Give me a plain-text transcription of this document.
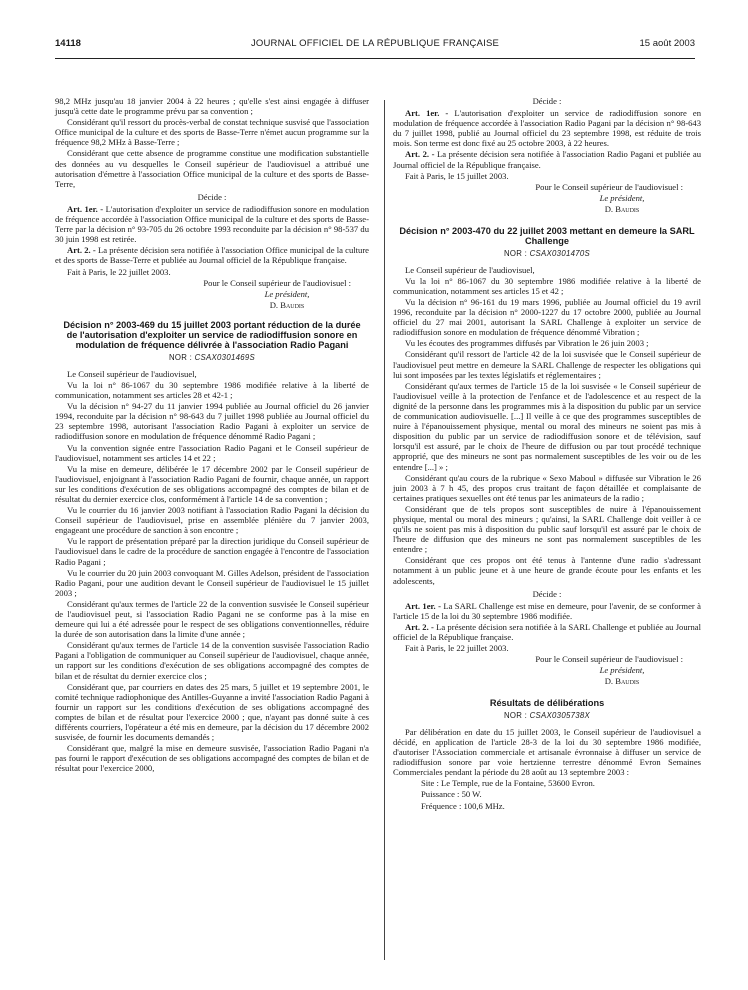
14118	JOURNAL OFFICIEL DE LA RÉPUBLIQUE FRANÇAISE	15 août 2003

98,2 MHz jusqu'au 18 janvier 2004 à 22 heures ; qu'elle s'est ainsi engagée à diffuser jusqu'à cette date le programme prévu par sa convention ;

Considérant qu'il ressort du procès-verbal de constat technique susvisé que l'association Office municipal de la culture et des sports de Basse-Terre n'émet aucun programme sur la fréquence 98,2 MHz à Basse-Terre ;

Considérant que cette absence de programme constitue une modification substantielle des données au vu desquelles le Conseil supérieur de l'audiovisuel a attribué une autorisation d'émettre à l'association Office municipal de la culture et des sports de Basse-Terre,

Décide :

Art. 1er. - L'autorisation d'exploiter un service de radiodiffusion sonore en modulation de fréquence accordée à l'association Office municipal de la culture et des sports de Basse-Terre par la décision n° 93-705 du 26 octobre 1993 reconduite par la décision n° 98-537 du 30 juin 1998 est retirée.

Art. 2. - La présente décision sera notifiée à l'association Office municipal de la culture et des sports de Basse-Terre et publiée au Journal officiel de la République française.

Fait à Paris, le 22 juillet 2003.

Pour le Conseil supérieur de l'audiovisuel :

Le président,

D. Baudis

Décision n° 2003-469 du 15 juillet 2003 portant réduction de la durée de l'autorisation d'exploiter un service de radiodiffusion sonore en modulation de fréquence délivrée à l'association Radio Pagani
NOR : CSAX0301469S

Le Conseil supérieur de l'audiovisuel,

Vu la loi n° 86-1067 du 30 septembre 1986 modifiée relative à la liberté de communication, notamment ses articles 28 et 42-1 ;

Vu la décision n° 94-27 du 11 janvier 1994 publiée au Journal officiel du 26 janvier 1994, reconduite par la décision n° 98-643 du 7 juillet 1998 publiée au Journal officiel du 23 septembre 1998, autorisant l'association Radio Pagani à exploiter un service de radiodiffusion sonore en modulation de fréquence dénommé Radio Pagani ;

Vu la convention signée entre l'association Radio Pagani et le Conseil supérieur de l'audiovisuel, notamment ses articles 14 et 22 ;

Vu la mise en demeure, délibérée le 17 décembre 2002 par le Conseil supérieur de l'audiovisuel, enjoignant à l'association Radio Pagani de fournir, chaque année, un rapport sur les conditions d'exécution de ses obligations accompagné des comptes de bilan et de résultat du dernier exercice clos, conformément à l'article 14 de sa convention ;

Vu le courrier du 16 janvier 2003 notifiant à l'association Radio Pagani la décision du Conseil supérieur de l'audiovisuel, prise en assemblée plénière du 7 janvier 2003, engageant une procédure de sanction à son encontre ;

Vu le rapport de présentation préparé par la direction juridique du Conseil supérieur de l'audiovisuel dans le cadre de la procédure de sanction engagée à l'encontre de l'association Radio Pagani ;

Vu le courrier du 20 juin 2003 convoquant M. Gilles Adelson, président de l'association Radio Pagani, pour une audition devant le Conseil supérieur de l'audiovisuel le 15 juillet 2003 ;

Considérant qu'aux termes de l'article 22 de la convention susvisée le Conseil supérieur de l'audiovisuel peut, si l'association Radio Pagani ne se conforme pas à la mise en demeure qui lui a été adressée pour le respect de ses obligations conventionnelles, réduire la durée de son autorisation dans la limite d'une année ;

Considérant qu'aux termes de l'article 14 de la convention susvisée l'association Radio Pagani a l'obligation de communiquer au Conseil supérieur de l'audiovisuel, chaque année, un rapport sur les conditions d'exécution de ses obligations accompagné des comptes de bilan et de résultat du dernier exercice clos ;

Considérant que, par courriers en dates des 25 mars, 5 juillet et 19 septembre 2001, le comité technique radiophonique des Antilles-Guyanne a invité l'association Radio Pagani à fournir un rapport sur les conditions d'exécution de ses obligations accompagné des comptes de bilan et de résultat pour l'exercice 2000 ; que, n'ayant pas donné suite à ces différents courriers, l'opérateur a été mis en demeure, par la décision du 17 décembre 2002 susvisée, de fournir les documents demandés ;

Considérant que, malgré la mise en demeure susvisée, l'association Radio Pagani n'a pas fourni le rapport d'exécution de ses obligations accompagné des comptes de bilan et de résultat pour l'exercice 2000,

Décide :

Art. 1er. - L'autorisation d'exploiter un service de radiodiffusion sonore en modulation de fréquence accordée à l'association Radio Pagani par la décision n° 98-643 du 7 juillet 1998, publié au Journal officiel du 23 septembre 1998, est réduite de trois mois. Son terme est donc fixé au 25 octobre 2003, à 22 heures.

Art. 2. - La présente décision sera notifiée à l'association Radio Pagani et publiée au Journal officiel de la République française.

Fait à Paris, le 15 juillet 2003.

Pour le Conseil supérieur de l'audiovisuel :

Le président,

D. Baudis

Décision n° 2003-470 du 22 juillet 2003 mettant en demeure la SARL Challenge
NOR : CSAX0301470S

Le Conseil supérieur de l'audiovisuel,

Vu la loi n° 86-1067 du 30 septembre 1986 modifiée relative à la liberté de communication, notamment ses articles 15 et 42 ;

Vu la décision n° 96-161 du 19 mars 1996, publiée au Journal officiel du 19 avril 1996, reconduite par la décision n° 2000-1227 du 17 octobre 2000, publiée au Journal officiel du 27 mai 2001, autorisant la SARL Challenge à exploiter un service de radiodiffusion sonore en modulation de fréquence dénommé Vibration ;

Vu les écoutes des programmes diffusés par Vibration le 26 juin 2003 ;

Considérant qu'il ressort de l'article 42 de la loi susvisée que le Conseil supérieur de l'audiovisuel peut mettre en demeure la SARL Challenge de respecter les obligations qui lui sont imposées par les textes législatifs et réglementaires ;

Considérant qu'aux termes de l'article 15 de la loi susvisée « le Conseil supérieur de l'audiovisuel veille à la protection de l'enfance et de l'adolescence et au respect de la dignité de la personne dans les programmes mis à la disposition du public par un service de communication audiovisuelle. [...] Il veille à ce que des programmes susceptibles de nuire à l'épanouissement physique, mental ou moral des mineurs ne soient pas mis à disposition du public par un service de radiodiffusion sonore et de télévision, sauf lorsqu'il est assuré, par le choix de l'heure de diffusion ou par tout procédé technique approprié, que des mineurs ne sont pas normalement susceptibles de les voir ou de les entendre [...] » ;

Considérant qu'au cours de la rubrique « Sexo Maboul » diffusée sur Vibration le 26 juin 2003 à 7 h 45, des propos crus traitant de façon détaillée et complaisante de certaines pratiques sexuelles ont été tenus par les animateurs de la radio ;

Considérant que de tels propos sont susceptibles de nuire à l'épanouissement physique, mental ou moral des mineurs ; qu'ainsi, la SARL Challenge doit veiller à ce qu'ils ne soient pas mis à disposition du public sauf lorsqu'il est assuré par le choix de l'heure de diffusion que des mineurs ne sont pas normalement susceptibles de les entendre ;

Considérant que ces propos ont été tenus à l'antenne d'une radio s'adressant notamment à un public jeune et à une heure de grande écoute pour les enfants et les adolescents,

Décide :

Art. 1er. - La SARL Challenge est mise en demeure, pour l'avenir, de se conformer à l'article 15 de la loi du 30 septembre 1986 modifiée.

Art. 2. - La présente décision sera notifiée à la SARL Challenge et publiée au Journal officiel de la République française.

Fait à Paris, le 22 juillet 2003.

Pour le Conseil supérieur de l'audiovisuel :

Le président,

D. Baudis

Résultats de délibérations
NOR : CSAX0305738X

Par délibération en date du 15 juillet 2003, le Conseil supérieur de l'audiovisuel a décidé, en application de l'article 28-3 de la loi du 30 septembre 1986 modifiée, d'autoriser l'Association commerciale et artisanale évronnaise à diffuser un service de radiodiffusion sonore par voie hertzienne terrestre dénommé Evron Semaines Commerciales pendant la période du 28 août au 13 septembre 2003 :

Site : Le Temple, rue de la Fontaine, 53600 Evron.

Puissance : 50 W.

Fréquence : 100,6 MHz.
